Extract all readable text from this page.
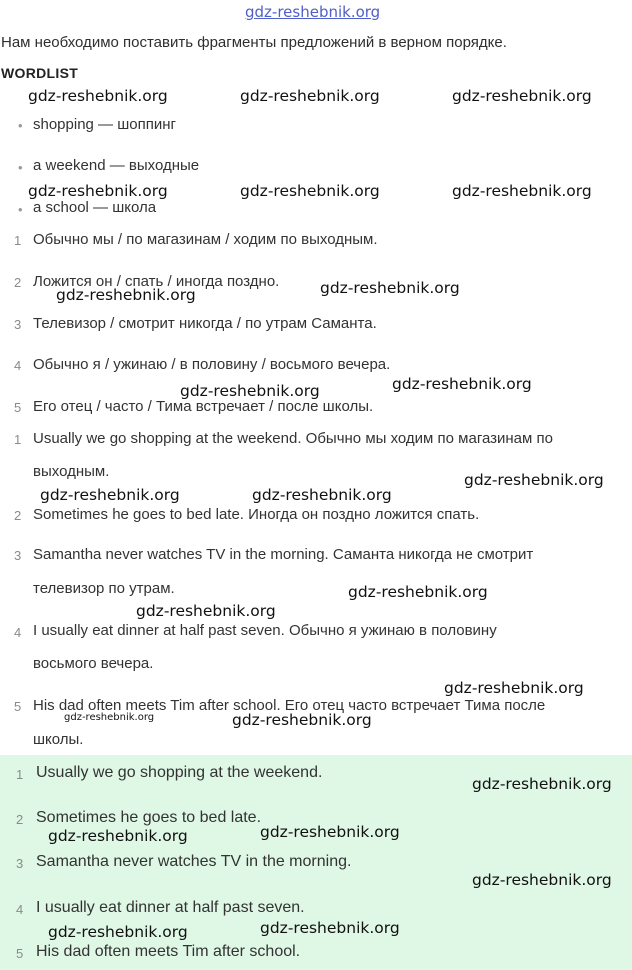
gdz-reshebnik.org
Нам необходимо поставить фрагменты предложений в верном порядке.
WORDLIST
• shopping — шоппинг
• a weekend — выходные
• a school — школа
1 Обычно мы / по магазинам / ходим по выходным.
2 Ложится он / спать / иногда поздно.
3 Телевизор / смотрит никогда / по утрам Саманта.
4 Обычно я / ужинаю / в половину / восьмого вечера.
5 Его отец / часто / Тима встречает / после школы.
1 Usually we go shopping at the weekend. Обычно мы ходим по магазинам по
выходным.
2 Sometimes he goes to bed late. Иногда он поздно ложится спать.
3 Samantha never watches TV in the morning. Саманта никогда не смотрит
телевизор по утрам.
4 I usually eat dinner at half past seven. Обычно я ужинаю в половину
восьмого вечера.
5 His dad often meets Tim after school. Его отец часто встречает Тима после
школы.
1 Usually we go shopping at the weekend.
2 Sometimes he goes to bed late.
3 Samantha never watches TV in the morning.
4 I usually eat dinner at half past seven.
5 His dad often meets Tim after school.
gdz-reshebnik.org	gdz-reshebnik.org	gdz-reshebnik.org
gdz-reshebnik.org	gdz-reshebnik.org	gdz-reshebnik.org
gdz-reshebnik.org	gdz-reshebnik.org
gdz-reshebnik.org	gdz-reshebnik.org
gdz-reshebnik.org
gdz-reshebnik.org	gdz-reshebnik.org
gdz-reshebnik.org
gdz-reshebnik.org
gdz-reshebnik.org
gdz-reshebnik.org	gdz-reshebnik.org
gdz-reshebnik.org
gdz-reshebnik.org
gdz-reshebnik.org
gdz-reshebnik.org
gdz-reshebnik.org
gdz-reshebnik.org
